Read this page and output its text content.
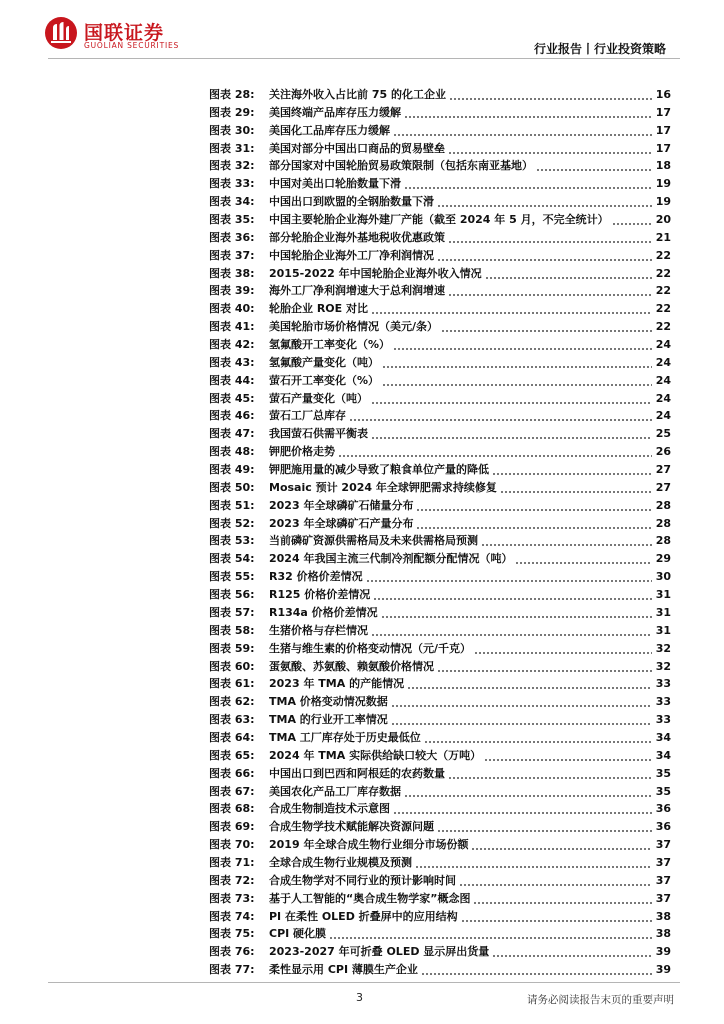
国联证券
GUOLIAN SECURITIES	行业报告丨行业投资策略
图表 28:	关注海外收入占比前 75 的化工企业	16
图表 29:	美国终端产品库存压力缓解	17
图表 30:	美国化工品库存压力缓解	17
图表 31:	美国对部分中国出口商品的贸易壁垒	17
图表 32:	部分国家对中国轮胎贸易政策限制（包括东南亚基地）	18
图表 33:	中国对美出口轮胎数量下滑	19
图表 34:	中国出口到欧盟的全钢胎数量下滑	19
图表 35:	中国主要轮胎企业海外建厂产能（截至 2024 年 5 月，不完全统计）	20
图表 36:	部分轮胎企业海外基地税收优惠政策	21
图表 37:	中国轮胎企业海外工厂净利润情况	22
图表 38:	2015-2022 年中国轮胎企业海外收入情况	22
图表 39:	海外工厂净利润增速大于总利润增速	22
图表 40:	轮胎企业 ROE 对比	22
图表 41:	美国轮胎市场价格情况（美元/条）	22
图表 42:	氢氟酸开工率变化（%）	24
图表 43:	氢氟酸产量变化（吨）	24
图表 44:	萤石开工率变化（%）	24
图表 45:	萤石产量变化（吨）	24
图表 46:	萤石工厂总库存	24
图表 47:	我国萤石供需平衡表	25
图表 48:	钾肥价格走势	26
图表 49:	钾肥施用量的减少导致了粮食单位产量的降低	27
图表 50:	Mosaic 预计 2024 年全球钾肥需求持续修复	27
图表 51:	2023 年全球磷矿石储量分布	28
图表 52:	2023 年全球磷矿石产量分布	28
图表 53:	当前磷矿资源供需格局及未来供需格局预测	28
图表 54:	2024 年我国主流三代制冷剂配额分配情况（吨）	29
图表 55:	R32 价格价差情况	30
图表 56:	R125 价格价差情况	31
图表 57:	R134a 价格价差情况	31
图表 58:	生猪价格与存栏情况	31
图表 59:	生猪与维生素的价格变动情况（元/千克）	32
图表 60:	蛋氨酸、苏氨酸、赖氨酸价格情况	32
图表 61:	2023 年 TMA 的产能情况	33
图表 62:	TMA 价格变动情况数据	33
图表 63:	TMA 的行业开工率情况	33
图表 64:	TMA 工厂库存处于历史最低位	34
图表 65:	2024 年 TMA 实际供给缺口较大（万吨）	34
图表 66:	中国出口到巴西和阿根廷的农药数量	35
图表 67:	美国农化产品工厂库存数据	35
图表 68:	合成生物制造技术示意图	36
图表 69:	合成生物学技术赋能解决资源问题	36
图表 70:	2019 年全球合成生物行业细分市场份额	37
图表 71:	全球合成生物行业规模及预测	37
图表 72:	合成生物学对不同行业的预计影响时间	37
图表 73:	基于人工智能的“奥合成生物学家”概念图	37
图表 74:	PI 在柔性 OLED 折叠屏中的应用结构	38
图表 75:	CPI 硬化膜	38
图表 76:	2023-2027 年可折叠 OLED 显示屏出货量	39
图表 77:	柔性显示用 CPI 薄膜生产企业	39
3	请务必阅读报告末页的重要声明
